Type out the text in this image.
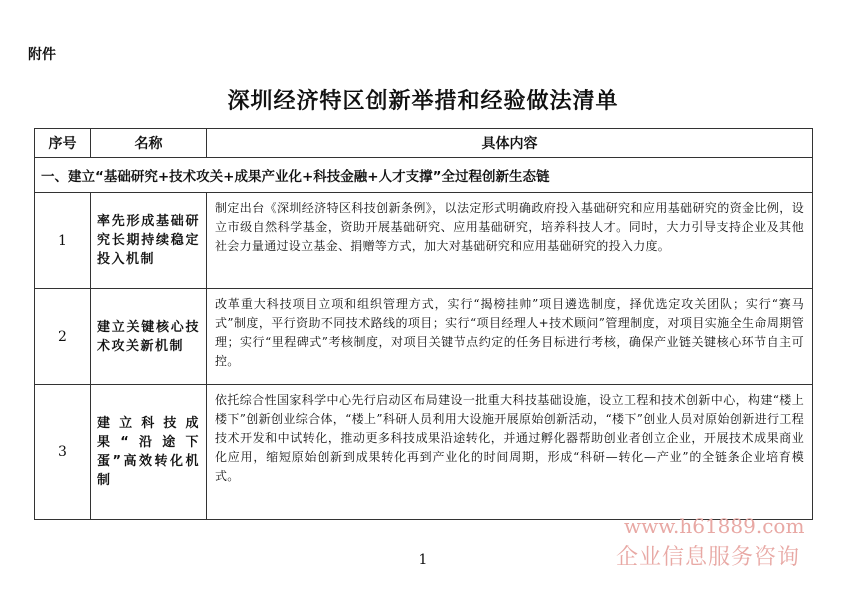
附件
深圳经济特区创新举措和经验做法清单
序号	名称	具体内容
一、建立“基础研究+技术攻关+成果产业化+科技金融+人才支撑”全过程创新生态链		
1	率先形成基础研究长期持续稳定投入机制	制定出台《深圳经济特区科技创新条例》，以法定形式明确政府投入基础研究和应用基础研究的资金比例，设立市级自然科学基金，资助开展基础研究、应用基础研究，培养科技人才。同时，大力引导支持企业及其他社会力量通过设立基金、捐赠等方式，加大对基础研究和应用基础研究的投入力度。
2	建立关键核心技术攻关新机制	改革重大科技项目立项和组织管理方式，实行“揭榜挂帅”项目遴选制度，择优选定攻关团队；实行“赛马式”制度，平行资助不同技术路线的项目；实行“项目经理人+技术顾问”管理制度，对项目实施全生命周期管理；实行“里程碑式”考核制度，对项目关键节点约定的任务目标进行考核，确保产业链关键核心环节自主可控。
3	建立科技成果“沿途下蛋”高效转化机制	依托综合性国家科学中心先行启动区布局建设一批重大科技基础设施，设立工程和技术创新中心，构建“楼上楼下”创新创业综合体，“楼上”科研人员利用大设施开展原始创新活动，“楼下”创业人员对原始创新进行工程技术开发和中试转化，推动更多科技成果沿途转化，并通过孵化器帮助创业者创立企业，开展技术成果商业化应用，缩短原始创新到成果转化再到产业化的时间周期，形成“科研—转化—产业”的全链条企业培育模式。
1
www.h61889.com
企业信息服务咨询
